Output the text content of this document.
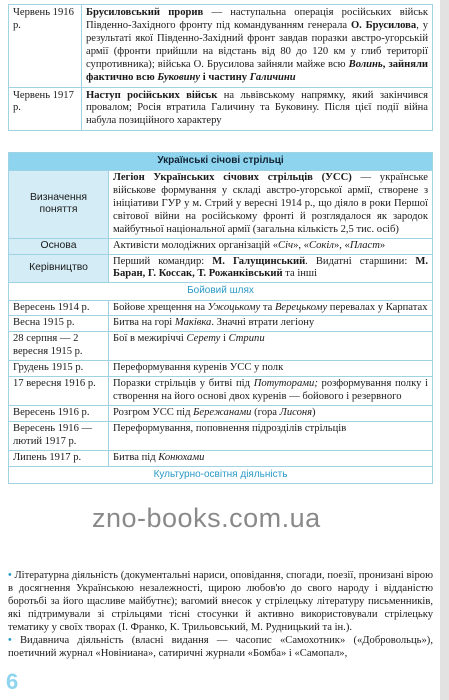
Червень 1916 р.	Брусиловський прорив — наступальна операція російських військ Південно-Західного фронту під командуванням генерала О. Брусилова, у результаті якої Південно-Західний фронт завдав поразки австро-угорській армії (фронти прийшли на відстань від 80 до 120 км у глиб території супротивника); війська О. Брусилова зайняли майже всю Волинь, зайняли фактично всю Буковину і частину Галичини
Червень 1917 р.	Наступ російських військ на львівському напрямку, який закінчився провалом; Росія втратила Галичину та Буковину. Після цієї події війна набула позиційного характеру
Українські січові стрільці	
Визначення поняття	Легіон Українських січових стрільців (УСС) — українське військове формування у складі австро-угорської армії, створене з ініціативи ГУР у м. Стрий у вересні 1914 р., що діяло в роки Першої світової війни на російському фронті й розглядалося як зародок майбутньої національної армії (загальна кількість 2,5 тис. осіб)
Основа	Активісти молодіжних організацій «Січ», «Сокіл», «Пласт»
Керівництво	Перший командир: М. Галущинський. Видатні старшини: М. Баран, Г. Коссак, Т. Рожанківський та інші
Бойовий шлях	
Вересень 1914 р.	Бойове хрещення на Ужоцькому та Верецькому перевалах у Карпатах
Весна 1915 р.	Битва на горі Маківка. Значні втрати легіону
28 серпня — 2 вересня 1915 р.	Бої в межиріччі Серету і Стрипи
Грудень 1915 р.	Переформування куренів УСС у полк
17 вересня 1916 р.	Поразки стрільців у битві під Потуторами; розформування полку і створення на його основі двох куренів — бойового і резервного
Вересень 1916 р.	Розгром УСС під Бережанами (гора Лисоня)
Вересень 1916 — лютий 1917 р.	Переформування, поповнення підрозділів стрільців
Липень 1917 р.	Битва під Конюхами
Культурно-освітня діяльність	

• Літературна діяльність (документальні нариси, оповідання, спогади, поезії, пронизані вірою в досягнення Українською незалежності, щирою любов'ю до свого народу і відданістю боротьбі за його щасливе майбутнє); вагомий внесок у стрілецьку літературу письменників, які підтримували зі стрільцями тісні стосунки й активно використовували стрілецьку тематику у своїх творах (І. Франко, К. Трильовський, М. Рудницький та ін.).

• Видавнича діяльність (власні видання — часопис «Самохотник» («Добровольць»), поетичний журнал «Новіниана», сатиричні журнали «Бомба» і «Самопал»,

zno-books.com.ua
6
